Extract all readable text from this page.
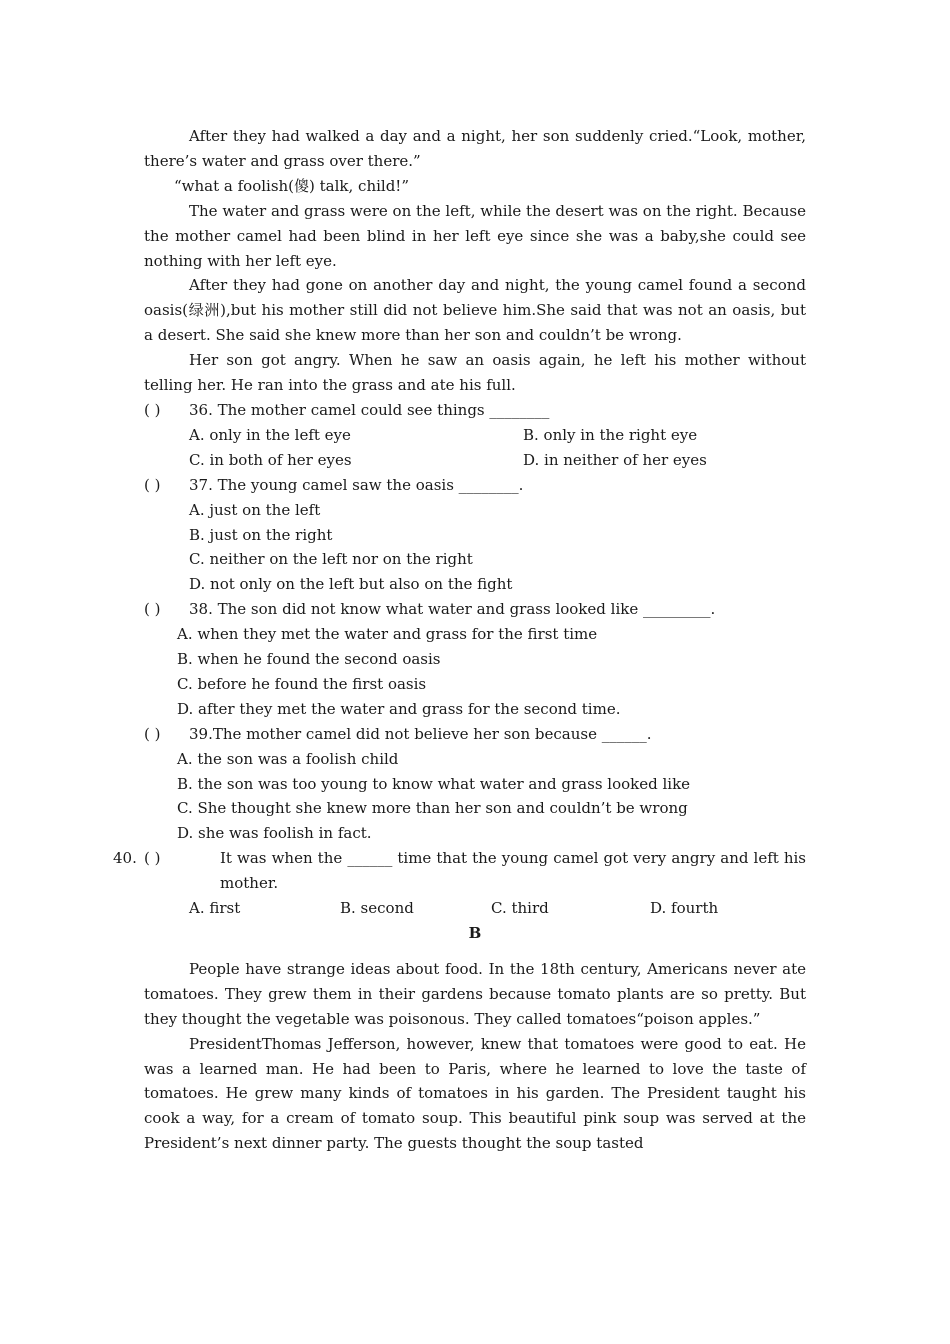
After they had walked a day and a night, her son suddenly cried.“Look, mother, there’s water and grass over there.”

“what a foolish(傻) talk, child!”

The water and grass were on the left, while the desert was on the right. Because the mother camel had been blind in her left eye since she was a baby,she could see nothing with her left eye.

After they had gone on another day and night, the young camel found a second oasis(绿洲),but his mother still did not believe him.She said that was not an oasis, but a desert. She said she knew more than her son and couldn’t be wrong.

Her son got angry. When he saw an oasis again, he left his mother without telling her. He ran into the grass and ate his full.

( ) 36. The mother camel could see things ________

A. only in the left eye	B. only in the right eye
C. in both of her eyes	D. in neither of her eyes

( ) 37. The young camel saw the oasis ________.

A. just on the left

B. just on the right

C. neither on the left nor on the right

D. not only on the left but also on the fight

( ) 38. The son did not know what water and grass looked like _________.

A. when they met the water and grass for the first time

B. when he found the second oasis

C. before he found the first oasis

D. after they met the water and grass for the second time.

( ) 39.The mother camel did not believe her son because ______.

A. the son was a foolish child

B. the son was too young to know what water and grass looked like

C. She thought she knew more than her son and couldn’t be wrong

D. she was foolish in fact.

( )40.	It was when the ______ time that the young camel got very angry and left his mother.

A. first	B. second	C. third	D. fourth

B

People have strange ideas about food. In the 18th century, Americans never ate tomatoes. They grew them in their gardens because tomato plants are so pretty. But they thought the vegetable was poisonous. They called tomatoes“poison apples.”

PresidentThomas Jefferson, however, knew that tomatoes were good to eat. He was a learned man. He had been to Paris, where he learned to love the taste of tomatoes. He grew many kinds of tomatoes in his garden. The President taught his cook a way, for a cream of tomato soup. This beautiful pink soup was served at the President’s next dinner party. The guests thought the soup tasted
